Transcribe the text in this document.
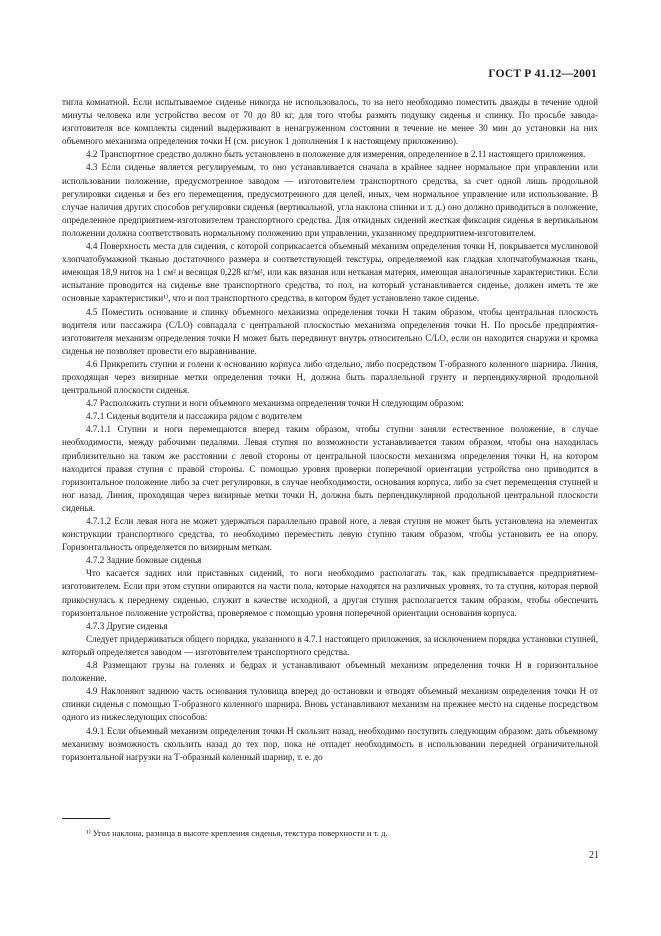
ГОСТ Р 41.12—2001

тигла комнатной. Если испытываемое сиденье никогда не использовалось, то на него необходимо поместить дважды в течение одной минуты человека или устройство весом от 70 до 80 кг, для того чтобы размять подушку сиденья и спинку. По просьбе завода-изготовителя все комплекты сидений выдерживают в ненагруженном состоянии в течение не менее 30 мин до установки на них объемного механизма определения точки H (см. рисунок 1 дополнения 1 к настоящему приложению).

4.2 Транспортное средство должно быть установлено в положение для измерения, определенное в 2.11 настоящего приложения.

4.3 Если сиденье является регулируемым, то оно устанавливается сначала в крайнее заднее нормальное при управлении или использовании положение, предусмотренное заводом — изготовителем транспортного средства, за счет одной лишь продольной регулировки сиденья и без его перемещения, предусмотренного для целей, иных, чем нормальное управление или использование. В случае наличия других способов регулировки сиденья (вертикальной, угла наклона спинки и т. д.) оно должно приводиться в положение, определенное предприятием-изготовителем транспортного средства. Для откидных сидений жесткая фиксация сиденья в вертикальном положении должна соответствовать нормальному положению при управлении, указанному предприятием-изготовителем.

4.4 Поверхность места для сидения, с которой соприкасается объемный механизм определения точки H, покрывается муслиновой хлопчатобумажной тканью достаточного размера и соответствующей текстуры, определяемой как гладкая хлопчатобумажная ткань, имеющая 18,9 ниток на 1 см² и весящая 0,228 кг/м², или как вязаная или нетканая материя, имеющая аналогичные характеристики. Если испытание проводится на сиденье вне транспортного средства, то пол, на который устанавливается сиденье, должен иметь те же основные характеристики¹⁾, что и пол транспортного средства, в котором будет установлено такое сиденье.

4.5 Поместить основание и спинку объемного механизма определения точки H таким образом, чтобы центральная плоскость водителя или пассажира (C/LO) совпадала с центральной плоскостью механизма определения точки H. По просьбе предприятия-изготовителя механизм определения точки H может быть передвинут внутрь относительно C/LO, если он находится снаружи и кромка сиденья не позволяет провести его выравнивание.

4.6 Прикрепить ступни и голени к основанию корпуса либо отдельно, либо посредством Т-образного коленного шарнира. Линия, проходящая через визирные метки определения точки H, должна быть параллельной грунту и перпендикулярной продольной центральной плоскости сиденья.

4.7 Расположить ступни и ноги объемного механизма определения точки H следующим образом:

4.7.1 Сиденья водителя и пассажира рядом с водителем

4.7.1.1 Ступни и ноги перемещаются вперед таким образом, чтобы ступни заняли естественное положение, в случае необходимости, между рабочими педалями. Левая ступня по возможности устанавливается таким образом, чтобы она находилась приблизительно на таком же расстоянии с левой стороны от центральной плоскости механизма определения точки H, на котором находится правая ступня с правой стороны. С помощью уровня проверки поперечной ориентации устройства оно приводится в горизонтальное положение либо за счет регулировки, в случае необходимости, основания корпуса, либо за счет перемещения ступней и ног назад. Линия, проходящая через визирные метки точки H, должна быть перпендикулярной продольной центральной плоскости сиденья.

4.7.1.2 Если левая нога не может удержаться параллельно правой ноге, а левая ступня не может быть установлена на элементах конструкции транспортного средства, то необходимо переместить левую ступню таким образом, чтобы установить ее на опору. Горизонтальность определяется по визирным меткам.

4.7.2 Задние боковые сиденья

Что касается задних или приставных сидений, то ноги необходимо располагать так, как предписывается предприятием-изготовителем. Если при этом ступни опираются на части пола, которые находятся на различных уровнях, то та ступня, которая первой прикоснулась к переднему сиденью, служит в качестве исходной, а другая ступня располагается таким образом, чтобы обеспечить горизонтальное положение устройства, проверяемое с помощью уровня поперечной ориентации основания корпуса.

4.7.3 Другие сиденья

Следует придерживаться общего порядка, указанного в 4.7.1 настоящего приложения, за исключением порядка установки ступней, который определяется заводом — изготовителем транспортного средства.

4.8 Размещают грузы на голенях и бедрах и устанавливают объемный механизм определения точки H в горизонтальное положение.

4.9 Наклоняют заднюю часть основания туловища вперед до остановки и отводят объемный механизм определения точки H от спинки сиденья с помощью Т-образного коленного шарнира. Вновь устанавливают механизм на прежнее место на сиденье посредством одного из нижеследующих способов:

4.9.1 Если объемный механизм определения точки H скользит назад, необходимо поступить следующим образом: дать объемному механизму возможность скользить назад до тех пор, пока не отпадет необходимость в использовании передней ограничительной горизонтальной нагрузки на Т-образный коленный шарнир, т. е. до

¹⁾ Угол наклона, разница в высоте крепления сиденья, текстура поверхности и т. д.
21
